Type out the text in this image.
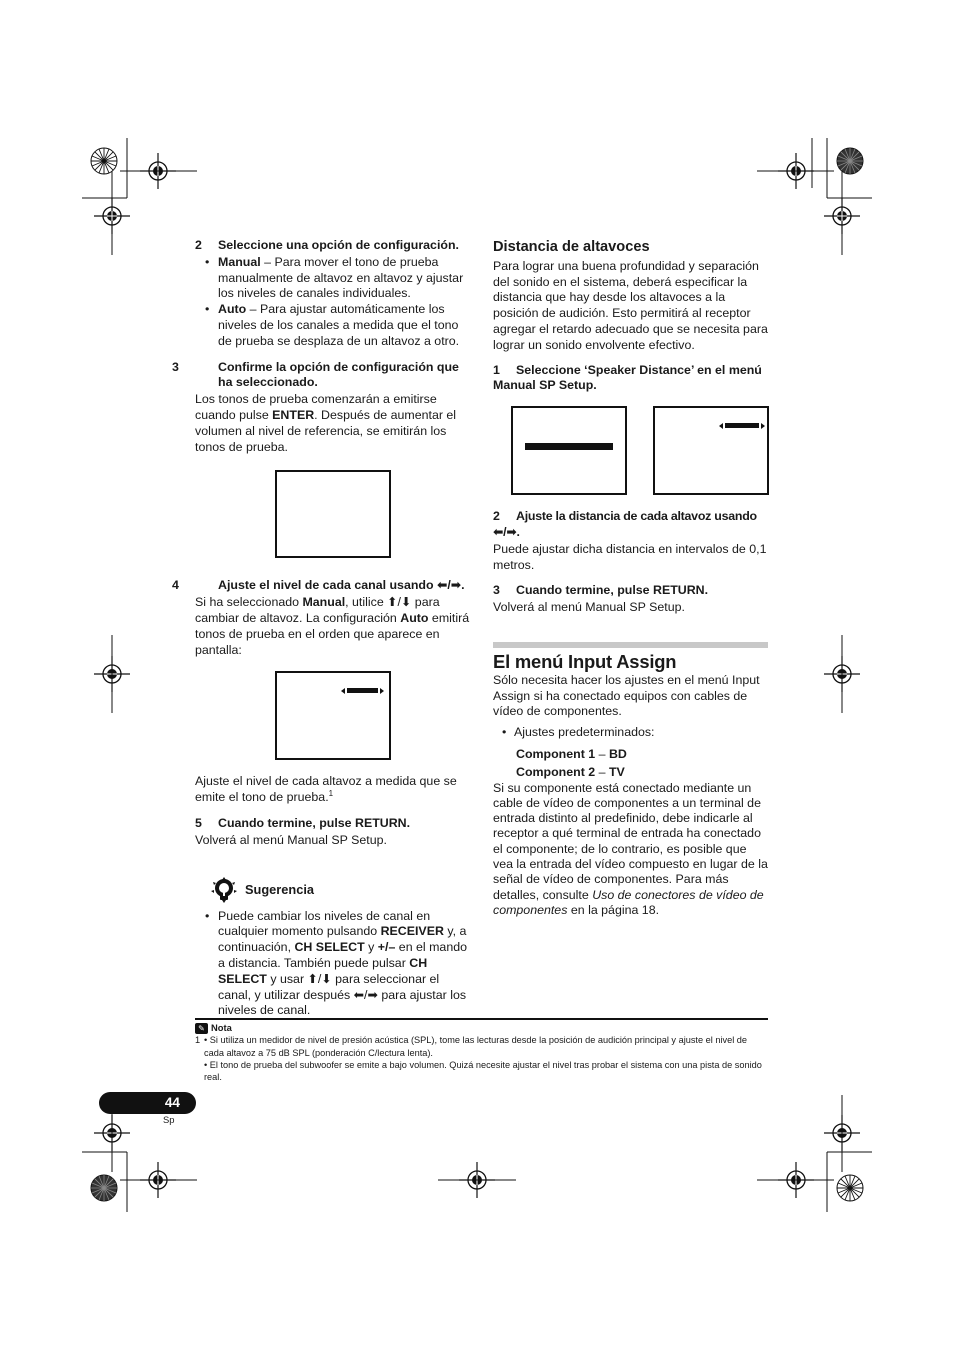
2 Seleccione una opción de configuración.
• Manual – Para mover el tono de prueba manualmente de altavoz en altavoz y ajustar los niveles de canales individuales.
• Auto – Para ajustar automáticamente los niveles de los canales a medida que el tono de prueba se desplaza de un altavoz a otro.
3	Confirme la opción de configuración que ha seleccionado.
Los tonos de prueba comenzarán a emitirse cuando pulse ENTER. Después de aumentar el volumen al nivel de referencia, se emitirán los tonos de prueba.
4	Ajuste el nivel de cada canal usando ⬅/➡.
Si ha seleccionado Manual, utilice ⬆/⬇ para cambiar de altavoz. La configuración Auto emitirá tonos de prueba en el orden que aparece en pantalla:
Ajuste el nivel de cada altavoz a medida que se emite el tono de prueba.$^1$
5 Cuando termine, pulse RETURN.
Volverá al menú Manual SP Setup.
Sugerencia
• Puede cambiar los niveles de canal en cualquier momento pulsando RECEIVER y, a continuación, CH SELECT y +/– en el mando a distancia. También puede pulsar CH SELECT y usar ⬆/⬇ para seleccionar el canal, y utilizar después ⬅/➡ para ajustar los niveles de canal.
Distancia de altavoces
Para lograr una buena profundidad y separación del sonido en el sistema, deberá especificar la distancia que hay desde los altavoces a la posición de audición. Esto permitirá al receptor agregar el retardo adecuado que se necesita para lograr un sonido envolvente efectivo.
1 Seleccione ‘Speaker Distance’ en el menú Manual SP Setup.
2 Ajuste la distancia de cada altavoz usando ⬅/➡.
Puede ajustar dicha distancia en intervalos de 0,1 metros.
3 Cuando termine, pulse RETURN.
Volverá al menú Manual SP Setup.
El menú Input Assign
Sólo necesita hacer los ajustes en el menú Input Assign si ha conectado equipos con cables de vídeo de componentes.
• Ajustes predeterminados:
Component 1 – BD
Component 2 – TV
Si su componente está conectado mediante un cable de vídeo de componentes a un terminal de entrada distinto al predefinido, debe indicarle al receptor a qué terminal de entrada ha conectado el componente; de lo contrario, es posible que vea la entrada del vídeo compuesto en lugar de la señal de vídeo de componentes. Para más detalles, consulte Uso de conectores de vídeo de componentes en la página 18.
✎ Nota
1 • Si utiliza un medidor de nivel de presión acústica (SPL), tome las lecturas desde la posición de audición principal y ajuste el nivel de cada altavoz a 75 dB SPL (ponderación C/lectura lenta).
• El tono de prueba del subwoofer se emite a bajo volumen. Quizá necesite ajustar el nivel tras probar el sistema con una pista de sonido real.
44
Sp
